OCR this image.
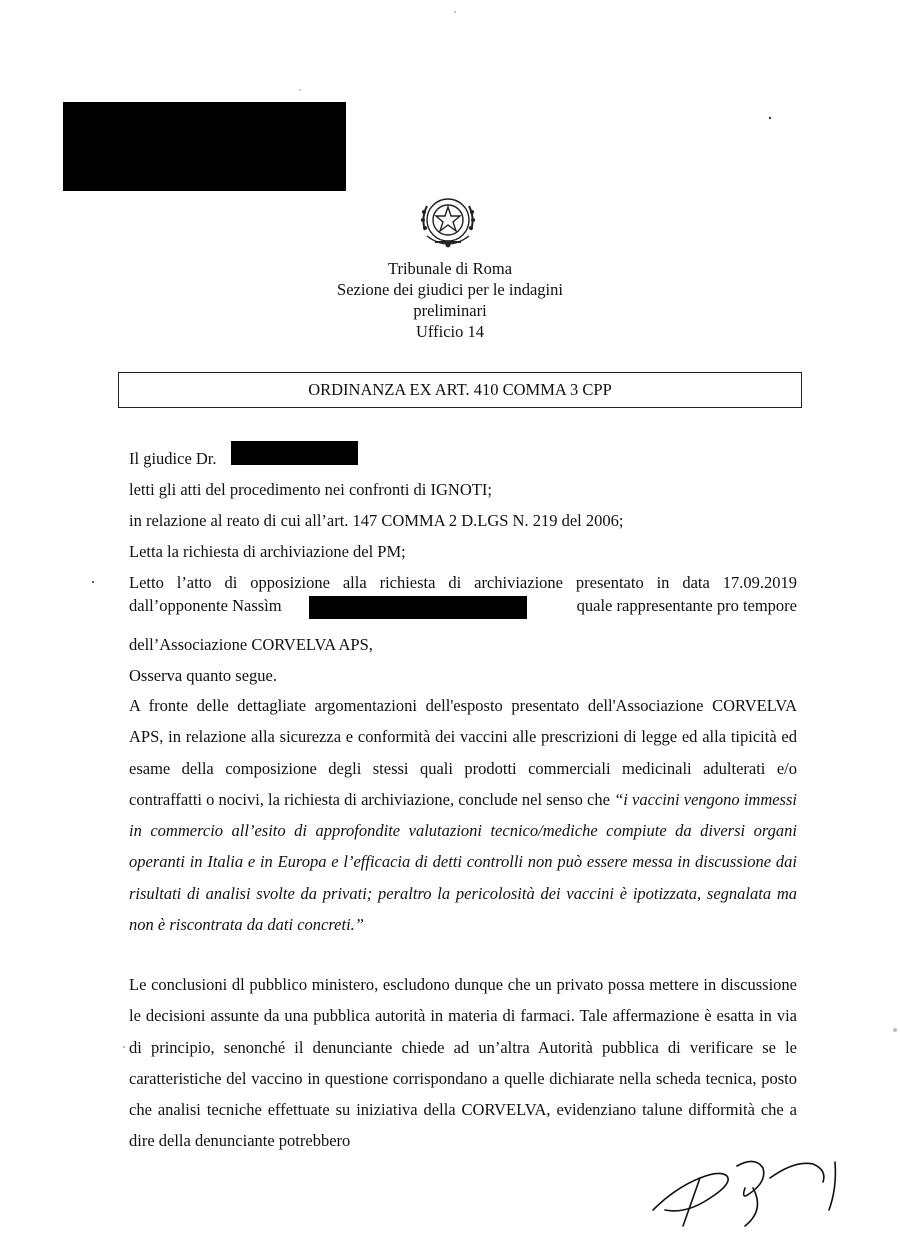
Tribunale di Roma
Sezione dei giudici per le indagini
preliminari
Ufficio 14
ORDINANZA EX ART. 410 COMMA 3 CPP
Il giudice Dr.
letti gli atti del procedimento nei confronti di IGNOTI;
in relazione al reato di cui all’art. 147 COMMA 2 D.LGS N. 219 del 2006;
Letta la richiesta di archiviazione del PM;
Letto l’atto di opposizione alla richiesta di archiviazione presentato in data 17.09.2019
dall’opponente Nassìm	quale rappresentante pro tempore
dell’Associazione CORVELVA APS,
Osserva quanto segue.
A fronte delle dettagliate argomentazioni dell'esposto presentato dell'Associazione CORVELVA APS, in relazione alla sicurezza e conformità dei vaccini alle prescrizioni di legge ed alla tipicità ed esame della composizione degli stessi quali prodotti commerciali medicinali adulterati e/o contraffatti o nocivi, la richiesta di archiviazione, conclude nel senso che “i vaccini vengono immessi in commercio all’esito di approfondite valutazioni tecnico/mediche compiute da diversi organi operanti in Italia e in Europa e l’efficacia di detti controlli non può essere messa in discussione dai risultati di analisi svolte da privati; peraltro la pericolosità dei vaccini è ipotizzata, segnalata ma non è riscontrata da dati concreti.”
Le conclusioni dl pubblico ministero, escludono dunque che un privato possa mettere in discussione le decisioni assunte da una pubblica autorità in materia di farmaci. Tale affermazione è esatta in via di principio, senonché il denunciante chiede ad un’altra Autorità pubblica di verificare se le caratteristiche del vaccino in questione corrispondano a quelle dichiarate nella scheda tecnica, posto che analisi tecniche effettuate su iniziativa della CORVELVA, evidenziano talune difformità che a dire della denunciante potrebbero
